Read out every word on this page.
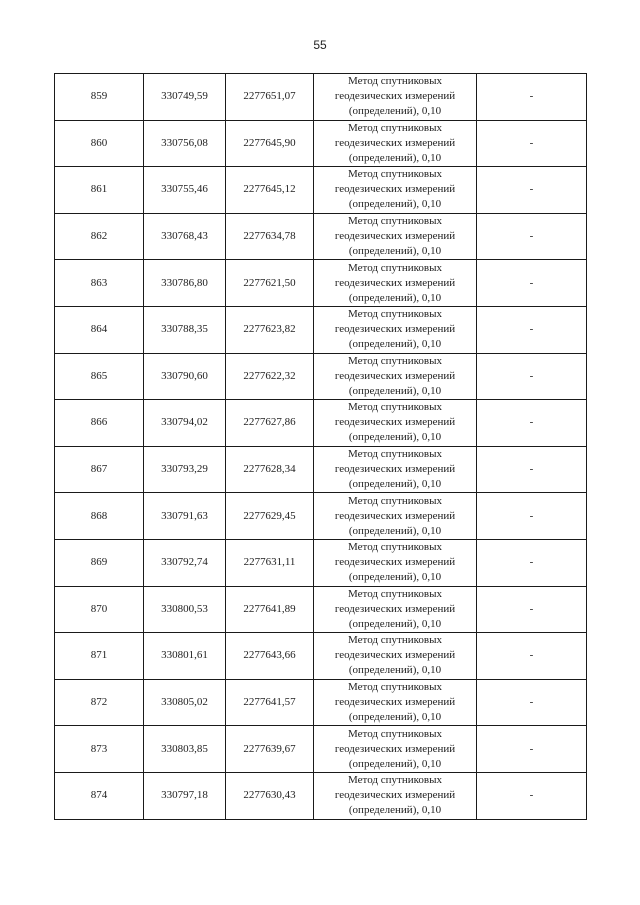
55
859	330749,59	2277651,07	Метод спутниковых
геодезических измерений
(определений), 0,10	-
860	330756,08	2277645,90	Метод спутниковых
геодезических измерений
(определений), 0,10	-
861	330755,46	2277645,12	Метод спутниковых
геодезических измерений
(определений), 0,10	-
862	330768,43	2277634,78	Метод спутниковых
геодезических измерений
(определений), 0,10	-
863	330786,80	2277621,50	Метод спутниковых
геодезических измерений
(определений), 0,10	-
864	330788,35	2277623,82	Метод спутниковых
геодезических измерений
(определений), 0,10	-
865	330790,60	2277622,32	Метод спутниковых
геодезических измерений
(определений), 0,10	-
866	330794,02	2277627,86	Метод спутниковых
геодезических измерений
(определений), 0,10	-
867	330793,29	2277628,34	Метод спутниковых
геодезических измерений
(определений), 0,10	-
868	330791,63	2277629,45	Метод спутниковых
геодезических измерений
(определений), 0,10	-
869	330792,74	2277631,11	Метод спутниковых
геодезических измерений
(определений), 0,10	-
870	330800,53	2277641,89	Метод спутниковых
геодезических измерений
(определений), 0,10	-
871	330801,61	2277643,66	Метод спутниковых
геодезических измерений
(определений), 0,10	-
872	330805,02	2277641,57	Метод спутниковых
геодезических измерений
(определений), 0,10	-
873	330803,85	2277639,67	Метод спутниковых
геодезических измерений
(определений), 0,10	-
874	330797,18	2277630,43	Метод спутниковых
геодезических измерений
(определений), 0,10	-
